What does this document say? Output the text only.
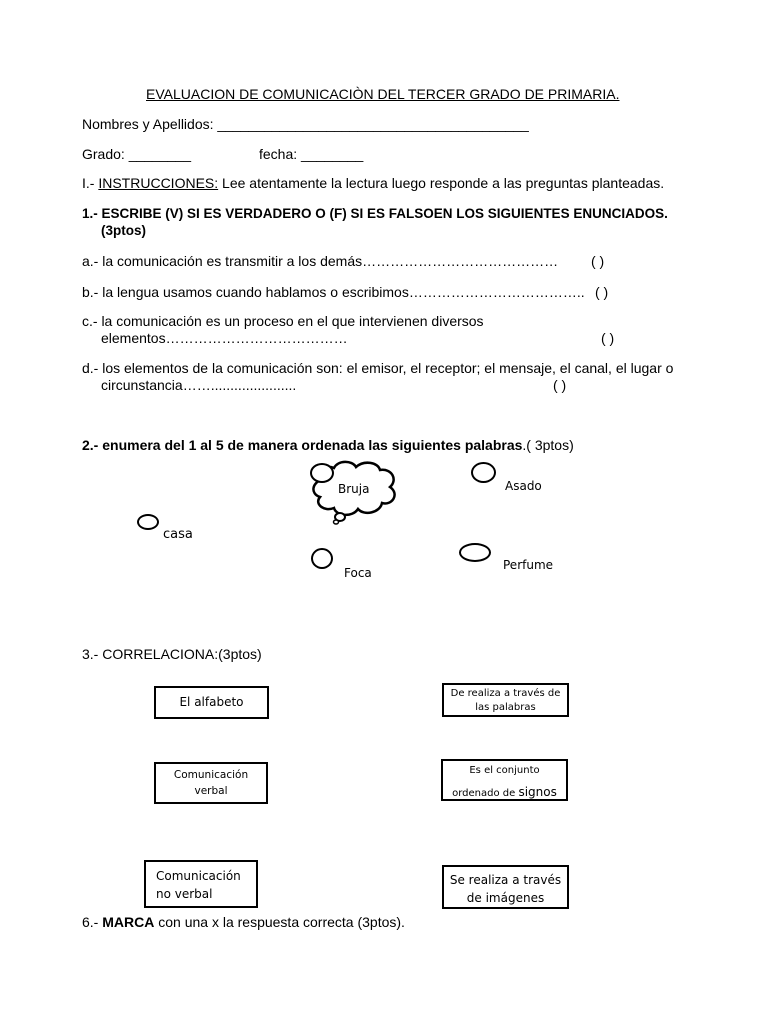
EVALUACION DE COMUNICACIÒN DEL TERCER GRADO DE PRIMARIA.
Nombres y Apellidos: ________________________________________
Grado: ________	fecha: ________
I.- INSTRUCCIONES: Lee atentamente la lectura luego responde a las preguntas planteadas.
1.- ESCRIBE (V) SI ES VERDADERO O (F) SI ES FALSOEN LOS SIGUIENTES ENUNCIADOS.
(3ptos)
a.- la comunicación es transmitir a los demás…………………………………… ( )
b.- la lengua usamos cuando hablamos o escribimos……………………………….. ( )
c.- la comunicación es un proceso en el que intervienen diversos
elementos…………………………………	( )
d.- los elementos de la comunicación son: el emisor, el receptor; el mensaje, el canal, el lugar o
circunstancia……......................	( )
2.- enumera del 1 al 5 de manera ordenada las siguientes palabras.( 3ptos)
Bruja	Asado
casa
Foca
Perfume
3.- CORRELACIONA:(3ptos)
El alfabeto
Comunicación
verbal
Comunicación
no verbal
De realiza a través de
las palabras
Es el conjunto
ordenado de signos
Se realiza a través
de imágenes
6.- MARCA con una x la respuesta correcta (3ptos).
